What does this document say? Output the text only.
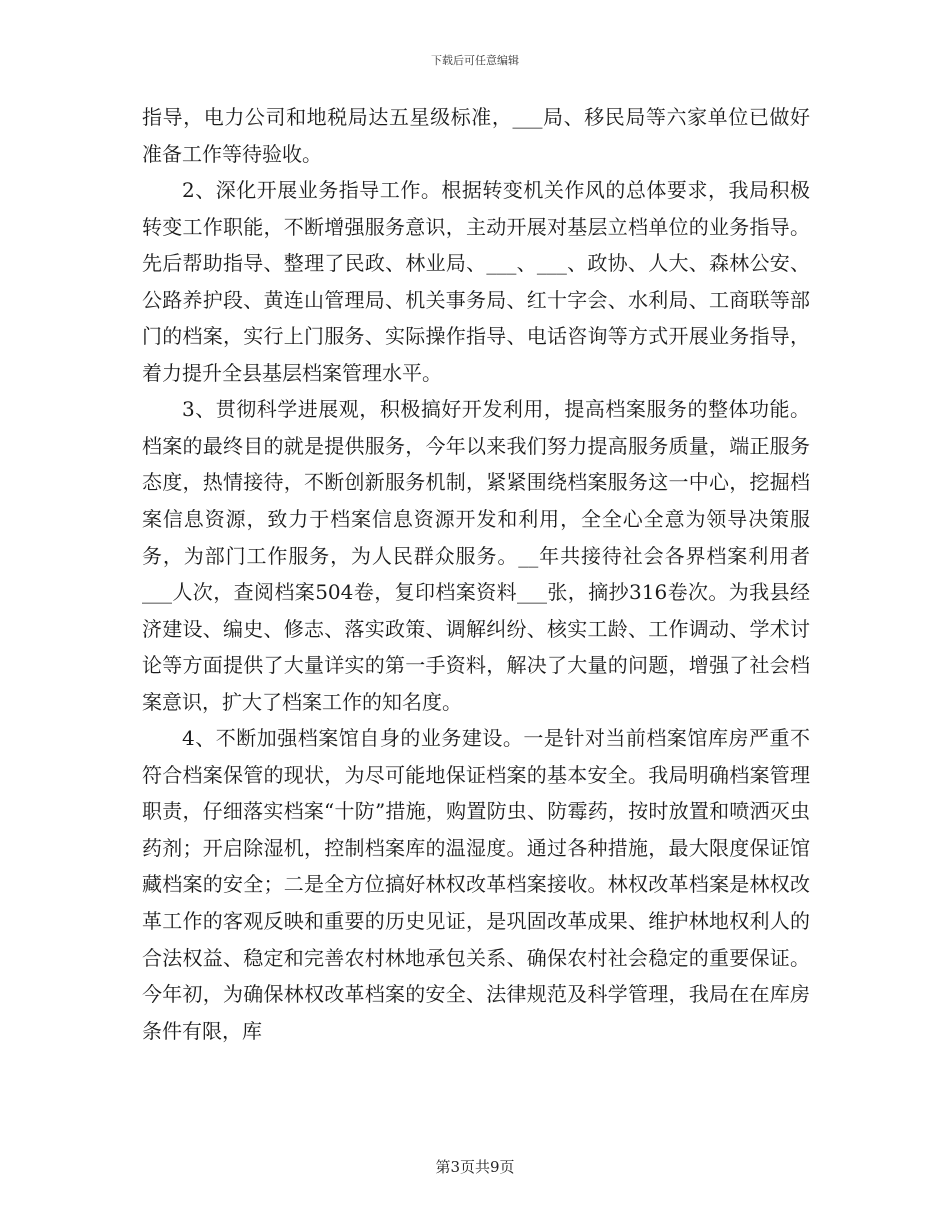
下载后可任意编辑

指导，电力公司和地税局达五星级标准，___局、移民局等六家单位已做好准备工作等待验收。

2、深化开展业务指导工作。根据转变机关作风的总体要求，我局积极转变工作职能，不断增强服务意识，主动开展对基层立档单位的业务指导。先后帮助指导、整理了民政、林业局、___、___、政协、人大、森林公安、公路养护段、黄连山管理局、机关事务局、红十字会、水利局、工商联等部门的档案，实行上门服务、实际操作指导、电话咨询等方式开展业务指导，着力提升全县基层档案管理水平。

3、贯彻科学进展观，积极搞好开发利用，提高档案服务的整体功能。档案的最终目的就是提供服务，今年以来我们努力提高服务质量，端正服务态度，热情接待，不断创新服务机制，紧紧围绕档案服务这一中心，挖掘档案信息资源，致力于档案信息资源开发和利用，全全心全意为领导决策服务，为部门工作服务，为人民群众服务。__年共接待社会各界档案利用者___人次，查阅档案504卷，复印档案资料___张，摘抄316卷次。为我县经济建设、编史、修志、落实政策、调解纠纷、核实工龄、工作调动、学术讨论等方面提供了大量详实的第一手资料，解决了大量的问题，增强了社会档案意识，扩大了档案工作的知名度。

4、不断加强档案馆自身的业务建设。一是针对当前档案馆库房严重不符合档案保管的现状，为尽可能地保证档案的基本安全。我局明确档案管理职责，仔细落实档案“十防”措施，购置防虫、防霉药，按时放置和喷洒灭虫药剂；开启除湿机，控制档案库的温湿度。通过各种措施，最大限度保证馆藏档案的安全；二是全方位搞好林权改革档案接收。林权改革档案是林权改革工作的客观反映和重要的历史见证，是巩固改革成果、维护林地权利人的合法权益、稳定和完善农村林地承包关系、确保农村社会稳定的重要保证。今年初，为确保林权改革档案的安全、法律规范及科学管理，我局在在库房条件有限，库

第3页共9页
